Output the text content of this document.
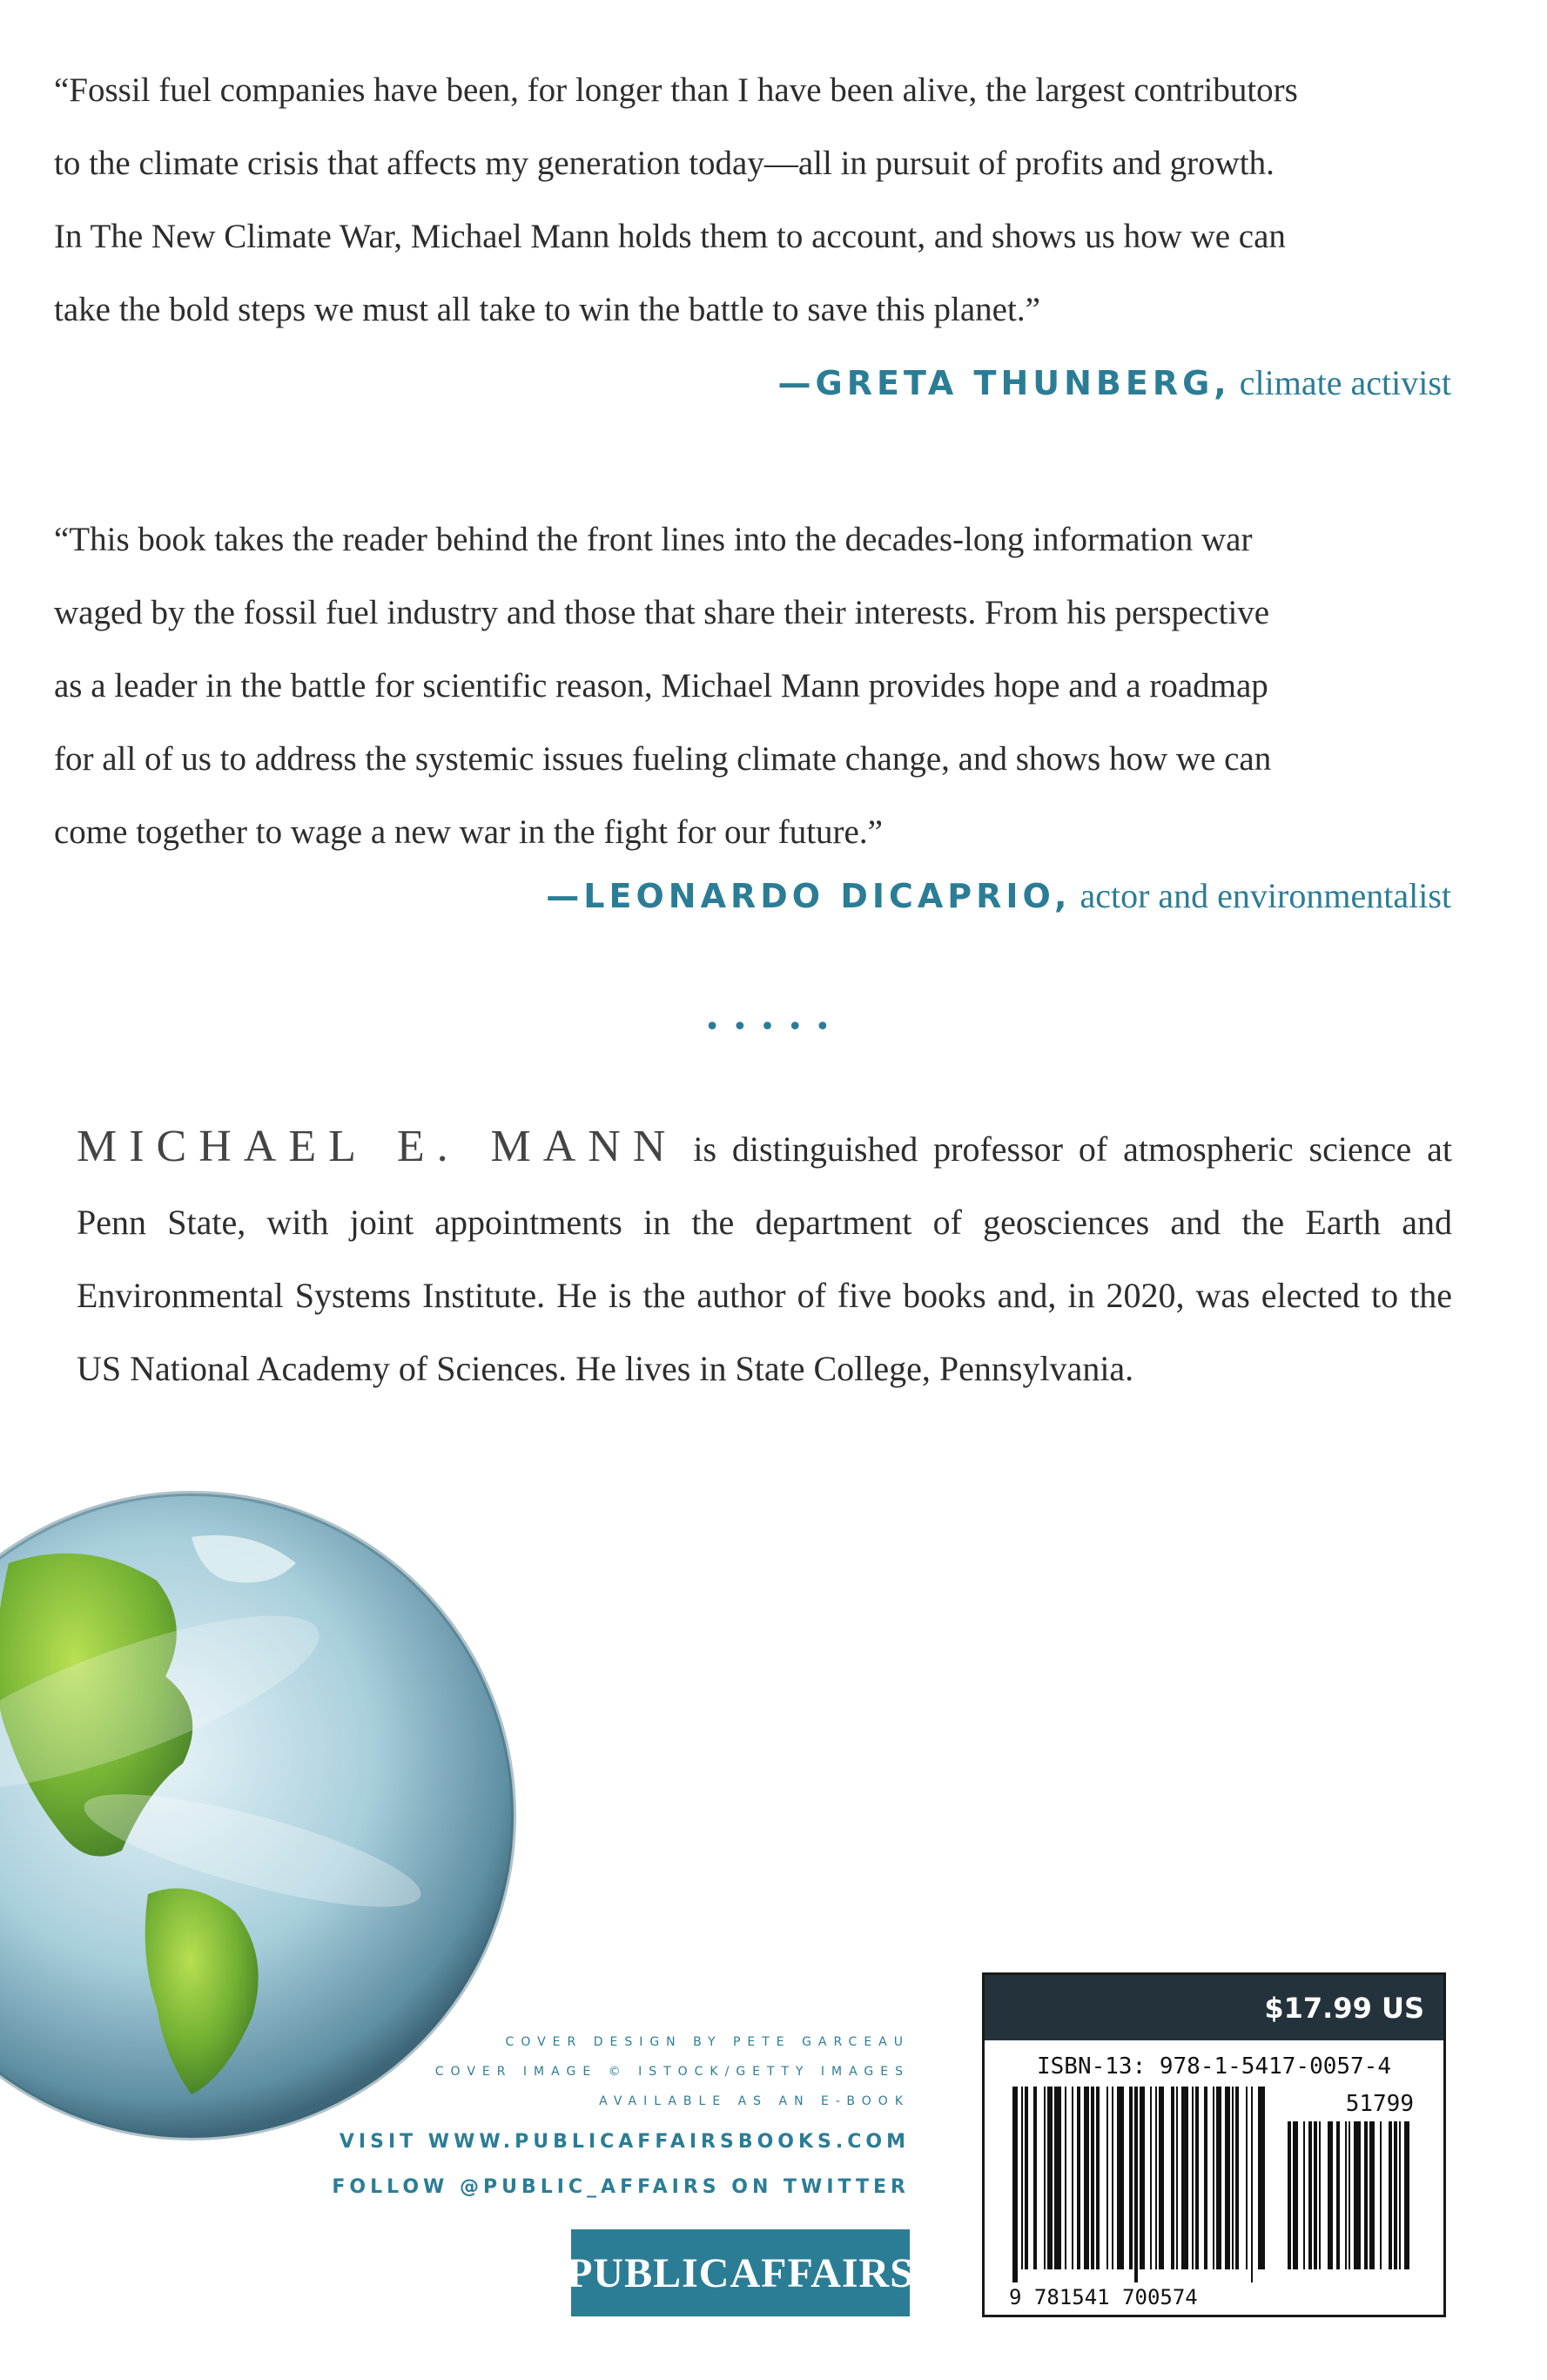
“Fossil fuel companies have been, for longer than I have been alive, the largest contributors

to the climate crisis that affects my generation today—all in pursuit of profits and growth.

In The New Climate War, Michael Mann holds them to account, and shows us how we can

take the bold steps we must all take to win the battle to save this planet.”

—GRETA THUNBERG, climate activist

“This book takes the reader behind the front lines into the decades-long information war

waged by the fossil fuel industry and those that share their interests. From his perspective

as a leader in the battle for scientific reason, Michael Mann provides hope and a roadmap

for all of us to address the systemic issues fueling climate change, and shows how we can

come together to wage a new war in the fight for our future.”

—LEONARDO DICAPRIO, actor and environmentalist
•••••
MICHAEL E. MANN is distinguished professor of atmospheric science at Penn State, with joint appointments in the department of geosciences and the Earth and Environmental Systems Institute. He is the author of five books and, in 2020, was elected to the US National Academy of Sciences. He lives in State College, Pennsylvania.
COVER DESIGN BY PETE GARCEAU
COVER IMAGE © ISTOCK/GETTY IMAGES
AVAILABLE AS AN E-BOOK
VISIT WWW.PUBLICAFFAIRSBOOKS.COM
FOLLOW @PUBLIC_AFFAIRS ON TWITTER
PUBLICAFFAIRS
$17.99 US
ISBN-13: 978-1-5417-0057-4
51799
9 781541 700574
